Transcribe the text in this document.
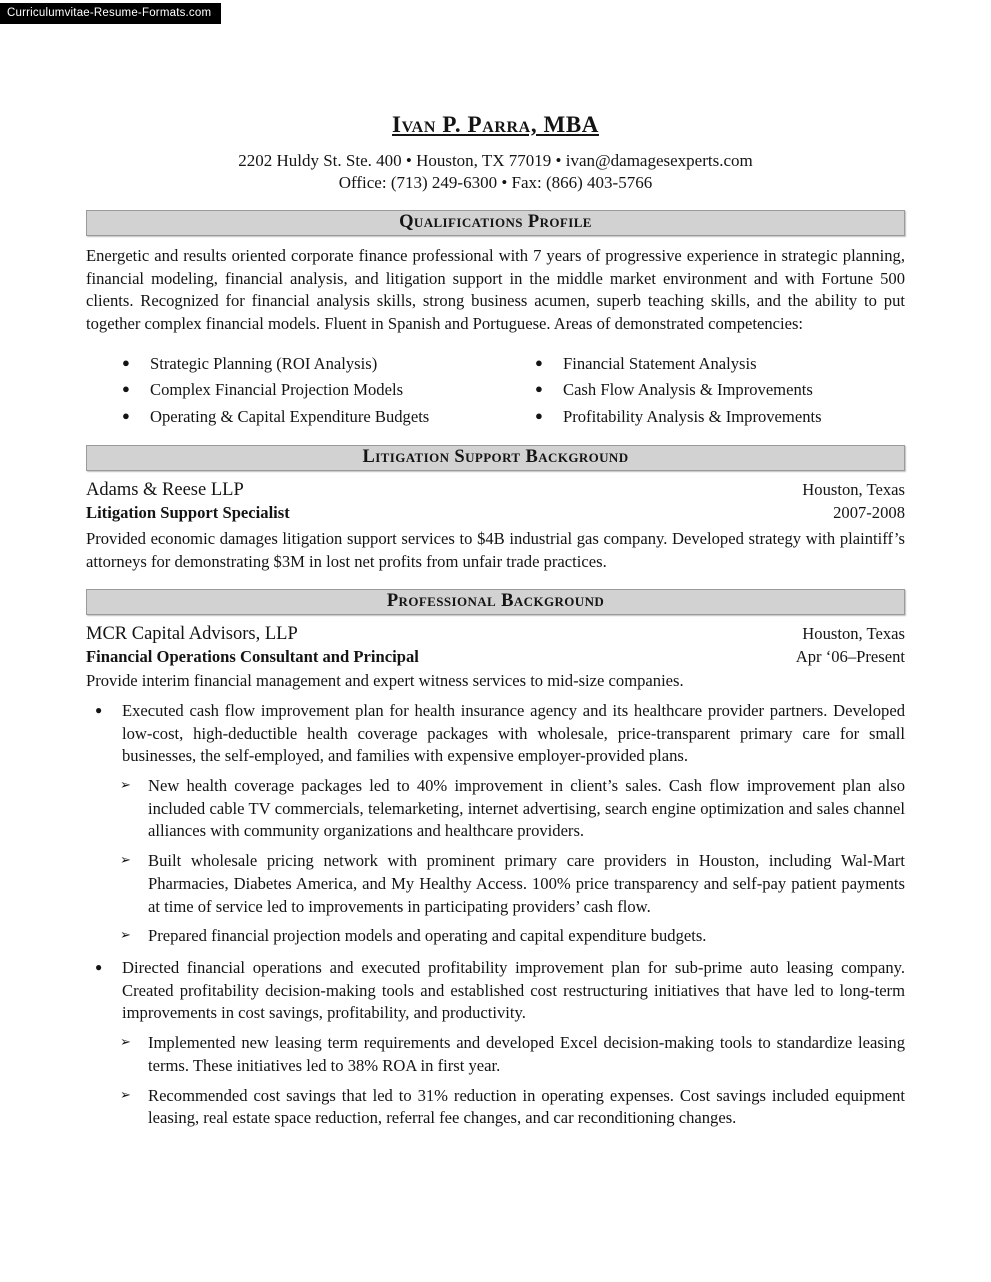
Curriculumvitae-Resume-Formats.com
Ivan P. Parra, MBA
2202 Huldy St. Ste. 400 • Houston, TX 77019 • ivan@damagesexperts.com
Office: (713) 249-6300 • Fax: (866) 403-5766
Qualifications Profile

Energetic and results oriented corporate finance professional with 7 years of progressive experience in strategic planning, financial modeling, financial analysis, and litigation support in the middle market environment and with Fortune 500 clients. Recognized for financial analysis skills, strong business acumen, superb teaching skills, and the ability to put together complex financial models. Fluent in Spanish and Portuguese. Areas of demonstrated competencies:

●	Strategic Planning (ROI Analysis)
●	Complex Financial Projection Models
●	Operating & Capital Expenditure Budgets
●	Financial Statement Analysis
●	Cash Flow Analysis & Improvements
●	Profitability Analysis & Improvements
Litigation Support Background
Adams & Reese LLP	Houston, Texas
Litigation Support Specialist	2007-2008

Provided economic damages litigation support services to $4B industrial gas company. Developed strategy with plaintiff’s attorneys for demonstrating $3M in lost net profits from unfair trade practices.

Professional Background
MCR Capital Advisors, LLP	Houston, Texas
Financial Operations Consultant and Principal	Apr ‘06–Present

Provide interim financial management and expert witness services to mid-size companies.

●	Executed cash flow improvement plan for health insurance agency and its healthcare provider partners. Developed low-cost, high-deductible health coverage packages with wholesale, price-transparent primary care for small businesses, the self-employed, and families with expensive employer-provided plans.
➢	New health coverage packages led to 40% improvement in client’s sales. Cash flow improvement plan also included cable TV commercials, telemarketing, internet advertising, search engine optimization and sales channel alliances with community organizations and healthcare providers.
➢	Built wholesale pricing network with prominent primary care providers in Houston, including Wal-Mart Pharmacies, Diabetes America, and My Healthy Access. 100% price transparency and self-pay patient payments at time of service led to improvements in participating providers’ cash flow.
➢	Prepared financial projection models and operating and capital expenditure budgets.
●	Directed financial operations and executed profitability improvement plan for sub-prime auto leasing company. Created profitability decision-making tools and established cost restructuring initiatives that have led to long-term improvements in cost savings, profitability, and productivity.
➢	Implemented new leasing term requirements and developed Excel decision-making tools to standardize leasing terms. These initiatives led to 38% ROA in first year.
➢	Recommended cost savings that led to 31% reduction in operating expenses. Cost savings included equipment leasing, real estate space reduction, referral fee changes, and car reconditioning changes.
